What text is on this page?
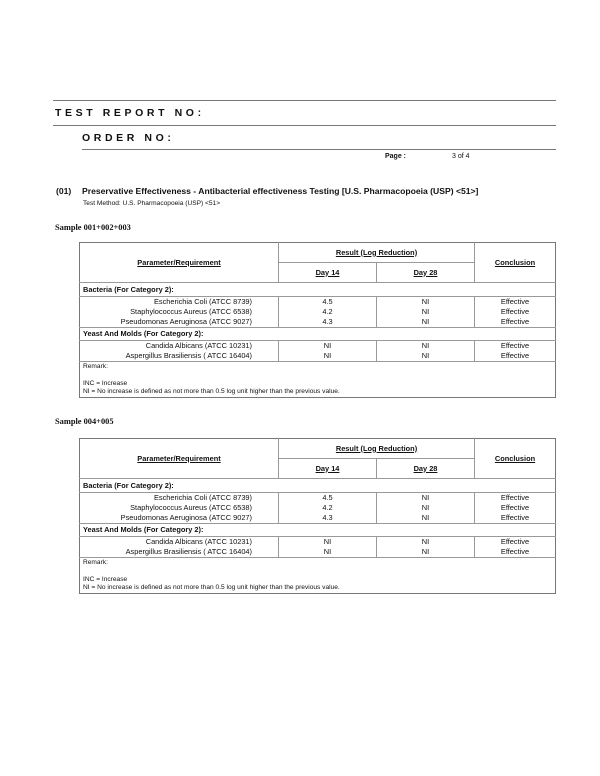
TEST REPORT NO:
ORDER NO:
Page :	3 of 4
(01) Preservative Effectiveness - Antibacterial effectiveness Testing [U.S. Pharmacopoeia (USP) <51>]
Test Method: U.S. Pharmacopoeia (USP) <51>
Sample 001+002+003
Parameter/Requirement	Result (Log Reduction)		Conclusion
	Day 14	Day 28	
Bacteria (For Category 2):			
Escherichia Coli (ATCC 8739)	4.5	NI	Effective
Staphylococcus Aureus (ATCC 6538)	4.2	NI	Effective
Pseudomonas Aeruginosa (ATCC 9027)	4.3	NI	Effective
Yeast And Molds (For Category 2):			
Candida Albicans (ATCC 10231)	NI	NI	Effective
Aspergillus Brasiliensis ( ATCC 16404)	NI	NI	Effective
Remark:			

INC = Increase			
NI = No increase is defined as not more than 0.5 log unit higher than the previous value.			
Sample 004+005
Parameter/Requirement	Result (Log Reduction)		Conclusion
	Day 14	Day 28	
Bacteria (For Category 2):			
Escherichia Coli (ATCC 8739)	4.5	NI	Effective
Staphylococcus Aureus (ATCC 6538)	4.2	NI	Effective
Pseudomonas Aeruginosa (ATCC 9027)	4.3	NI	Effective
Yeast And Molds (For Category 2):			
Candida Albicans (ATCC 10231)	NI	NI	Effective
Aspergillus Brasiliensis ( ATCC 16404)	NI	NI	Effective
Remark:			

INC = Increase			
NI = No increase is defined as not more than 0.5 log unit higher than the previous value.			
